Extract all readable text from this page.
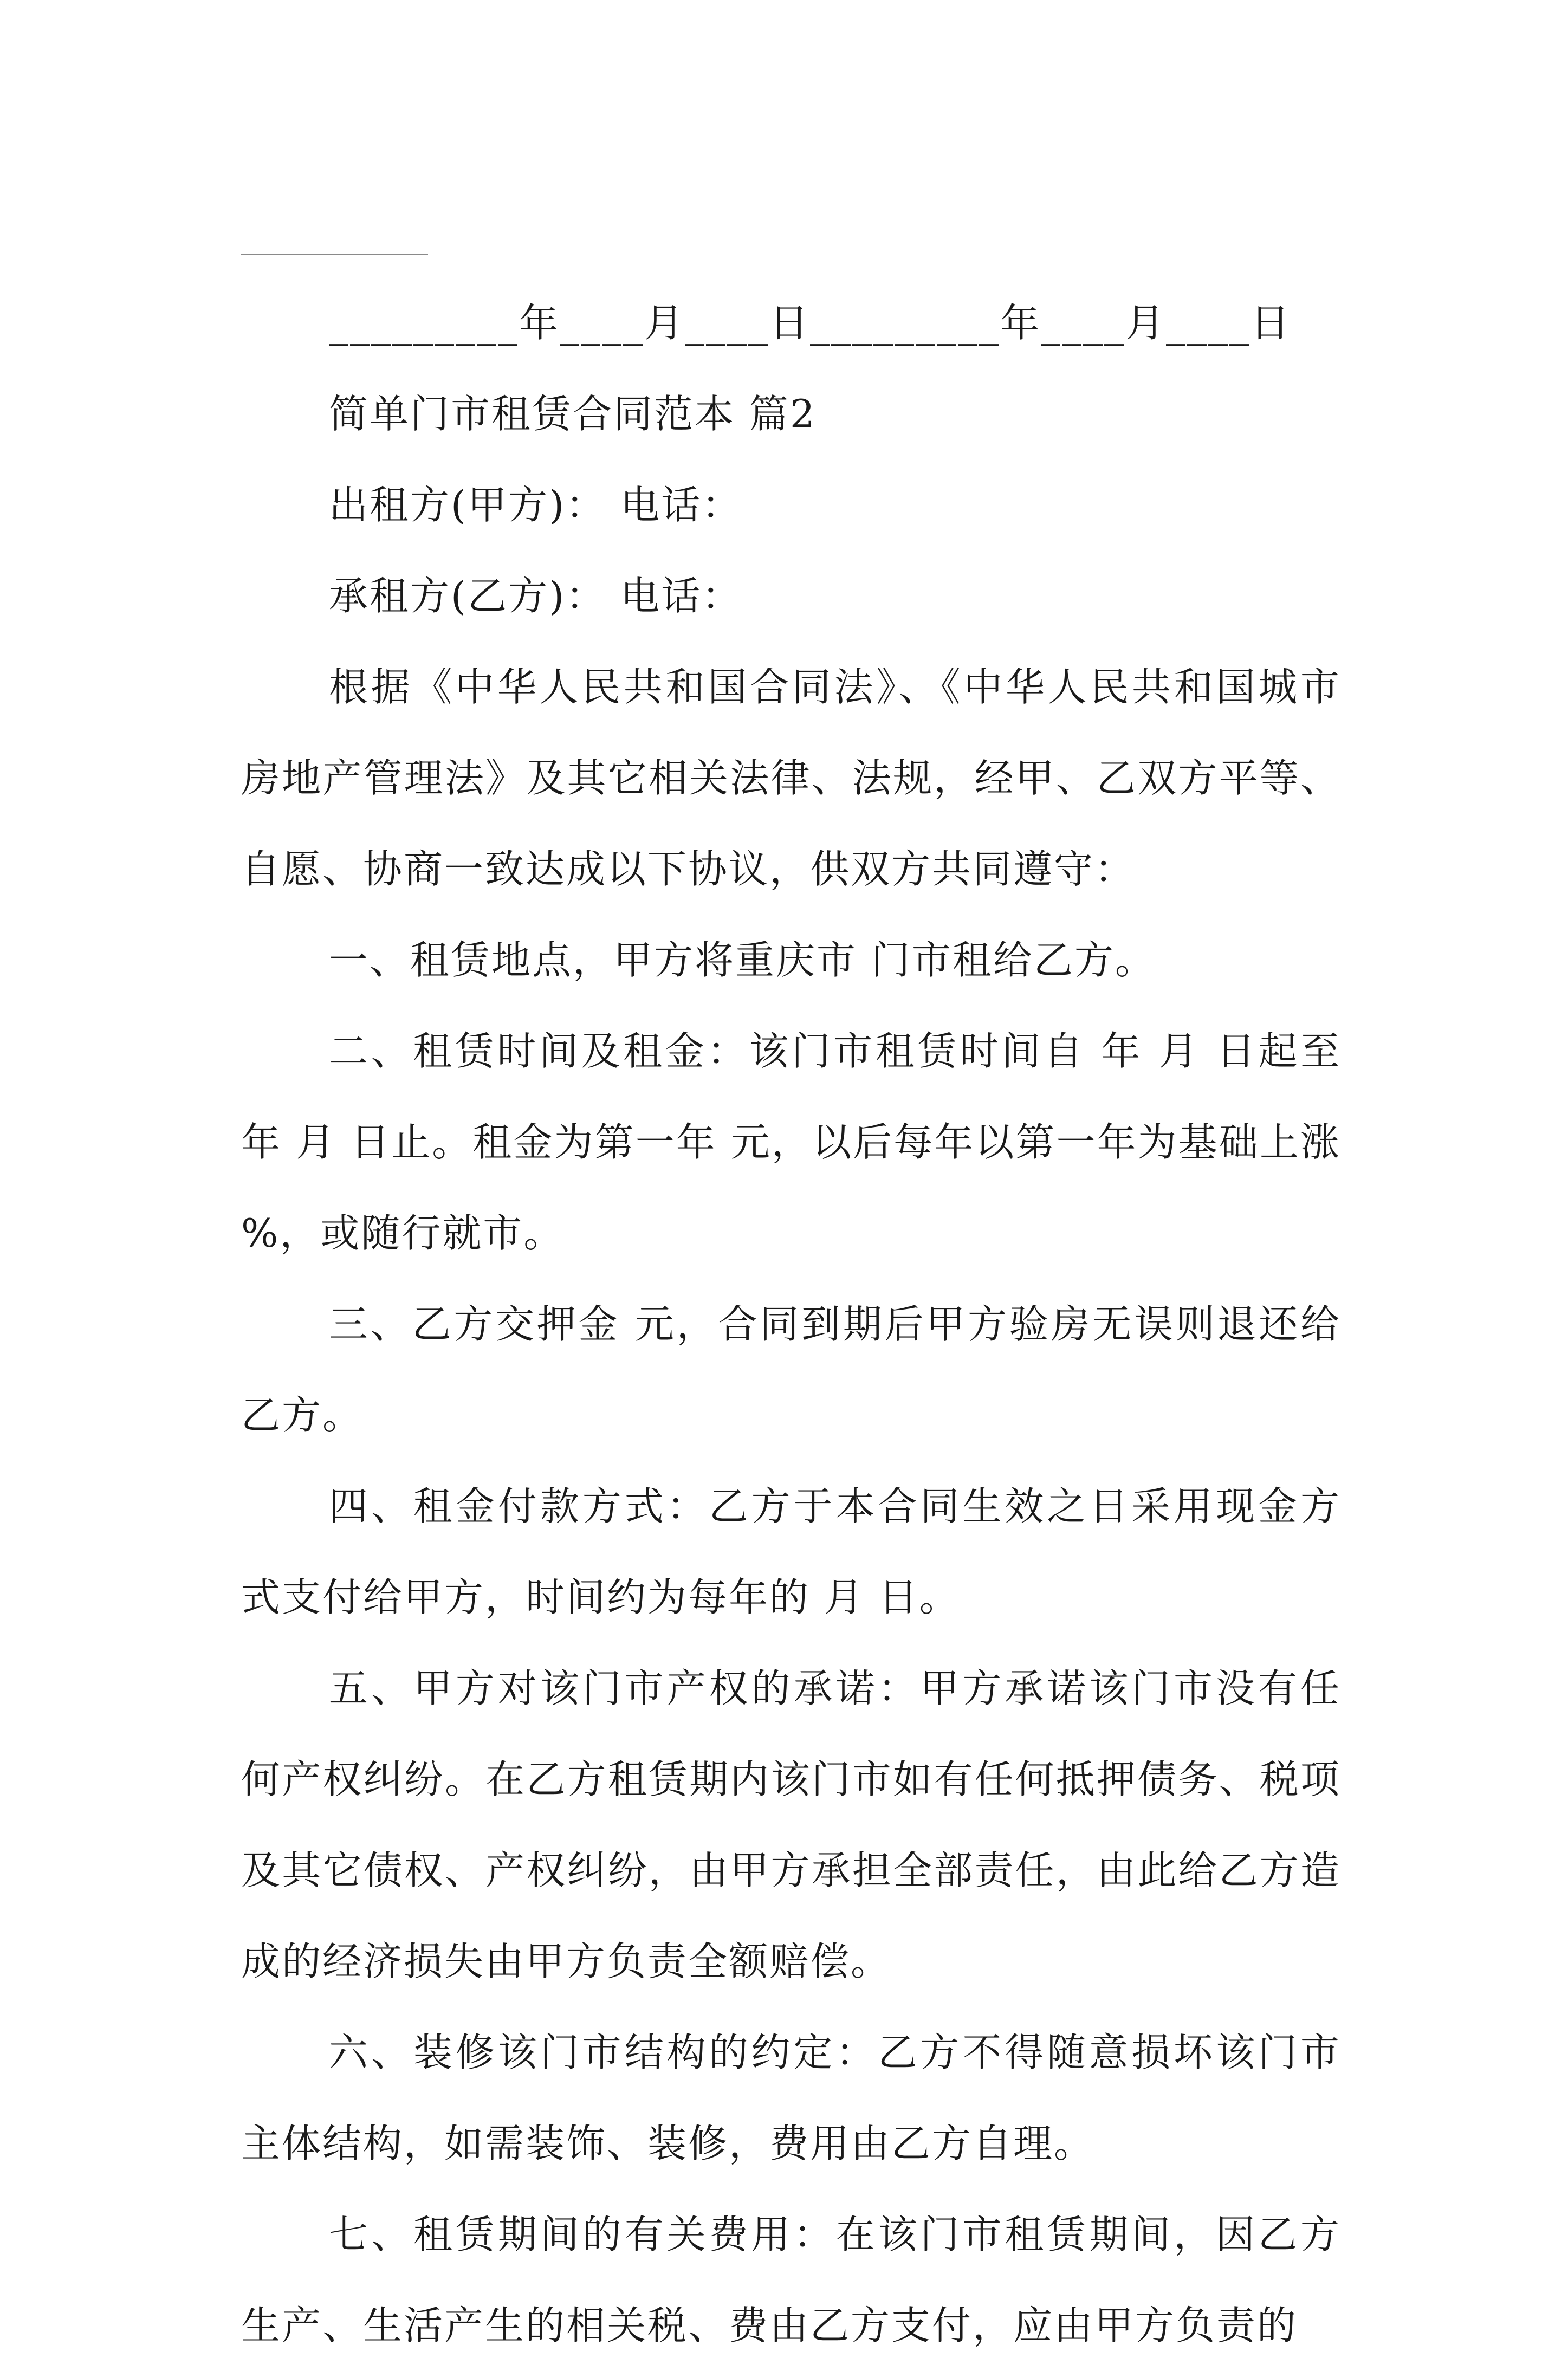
_________年____月____日_________年____月____日

简单门市租赁合同范本 篇2

出租方(甲方)： 电话：

承租方(乙方)： 电话：

根据《中华人民共和国合同法》、《中华人民共和国城市房地产管理法》及其它相关法律、法规，经甲、乙双方平等、自愿、协商一致达成以下协议，供双方共同遵守：

一、租赁地点，甲方将重庆市 门市租给乙方。

二、租赁时间及租金：该门市租赁时间自 年 月 日起至 年 月 日止。租金为第一年 元，以后每年以第一年为基础上涨 %，或随行就市。

三、乙方交押金 元，合同到期后甲方验房无误则退还给乙方。

四、租金付款方式：乙方于本合同生效之日采用现金方式支付给甲方，时间约为每年的 月 日。

五、甲方对该门市产权的承诺：甲方承诺该门市没有任何产权纠纷。在乙方租赁期内该门市如有任何抵押债务、税项及其它债权、产权纠纷，由甲方承担全部责任，由此给乙方造成的经济损失由甲方负责全额赔偿。

六、装修该门市结构的约定：乙方不得随意损坏该门市主体结构，如需装饰、装修，费用由乙方自理。

七、租赁期间的有关费用：在该门市租赁期间，因乙方生产、生活产生的相关税、费由乙方支付，应由甲方负责的
